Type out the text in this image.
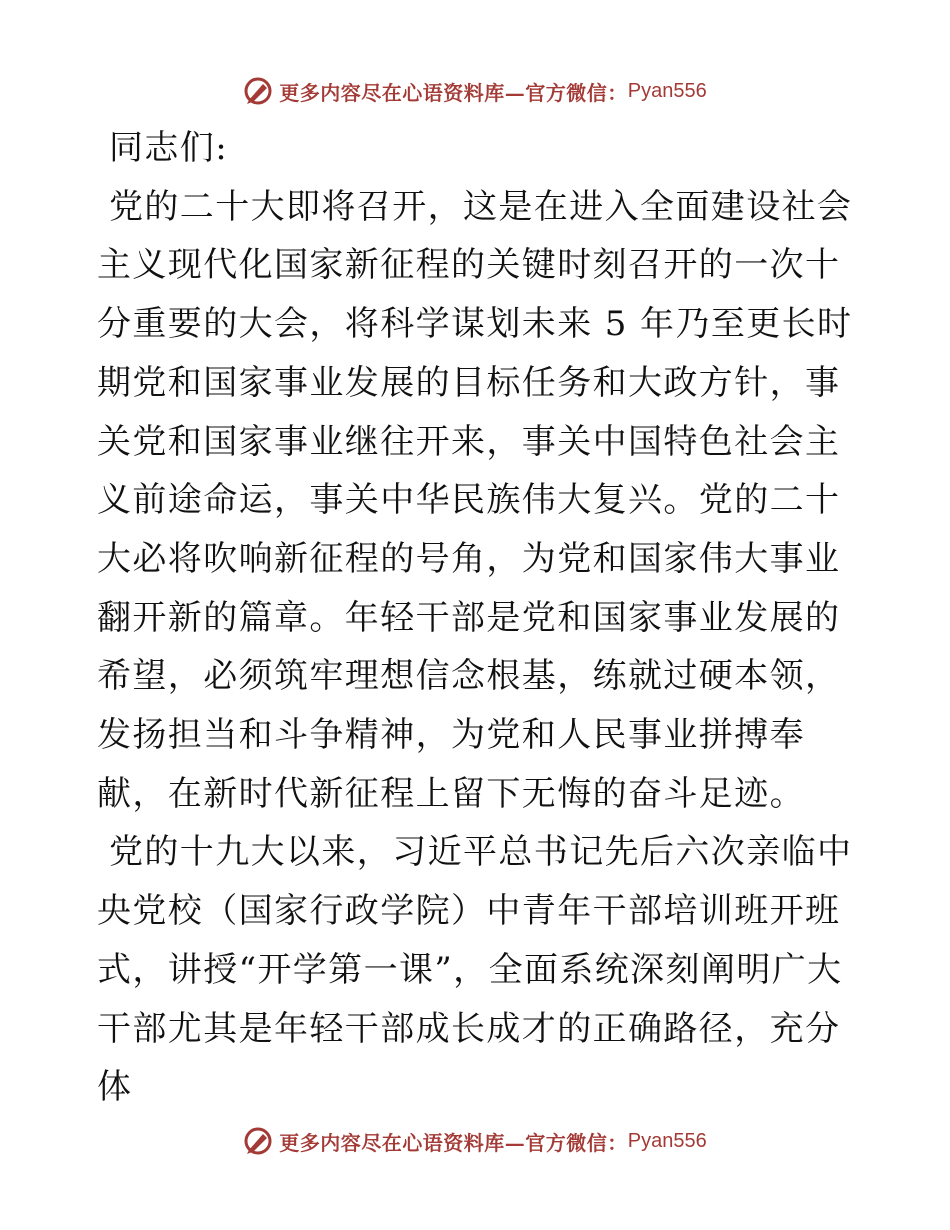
更多内容尽在心语资料库—官方微信： Pyan556

同志们:

党的二十大即将召开，这是在进入全面建设社会主义现代化国家新征程的关键时刻召开的一次十分重要的大会，将科学谋划未来 5 年乃至更长时期党和国家事业发展的目标任务和大政方针，事关党和国家事业继往开来，事关中国特色社会主义前途命运，事关中华民族伟大复兴。党的二十大必将吹响新征程的号角，为党和国家伟大事业翻开新的篇章。年轻干部是党和国家事业发展的希望，必须筑牢理想信念根基，练就过硬本领，发扬担当和斗争精神，为党和人民事业拼搏奉献，在新时代新征程上留下无悔的奋斗足迹。

党的十九大以来，习近平总书记先后六次亲临中央党校（国家行政学院）中青年干部培训班开班式，讲授“开学第一课”，全面系统深刻阐明广大干部尤其是年轻干部成长成才的正确路径，充分体

更多内容尽在心语资料库—官方微信： Pyan556
